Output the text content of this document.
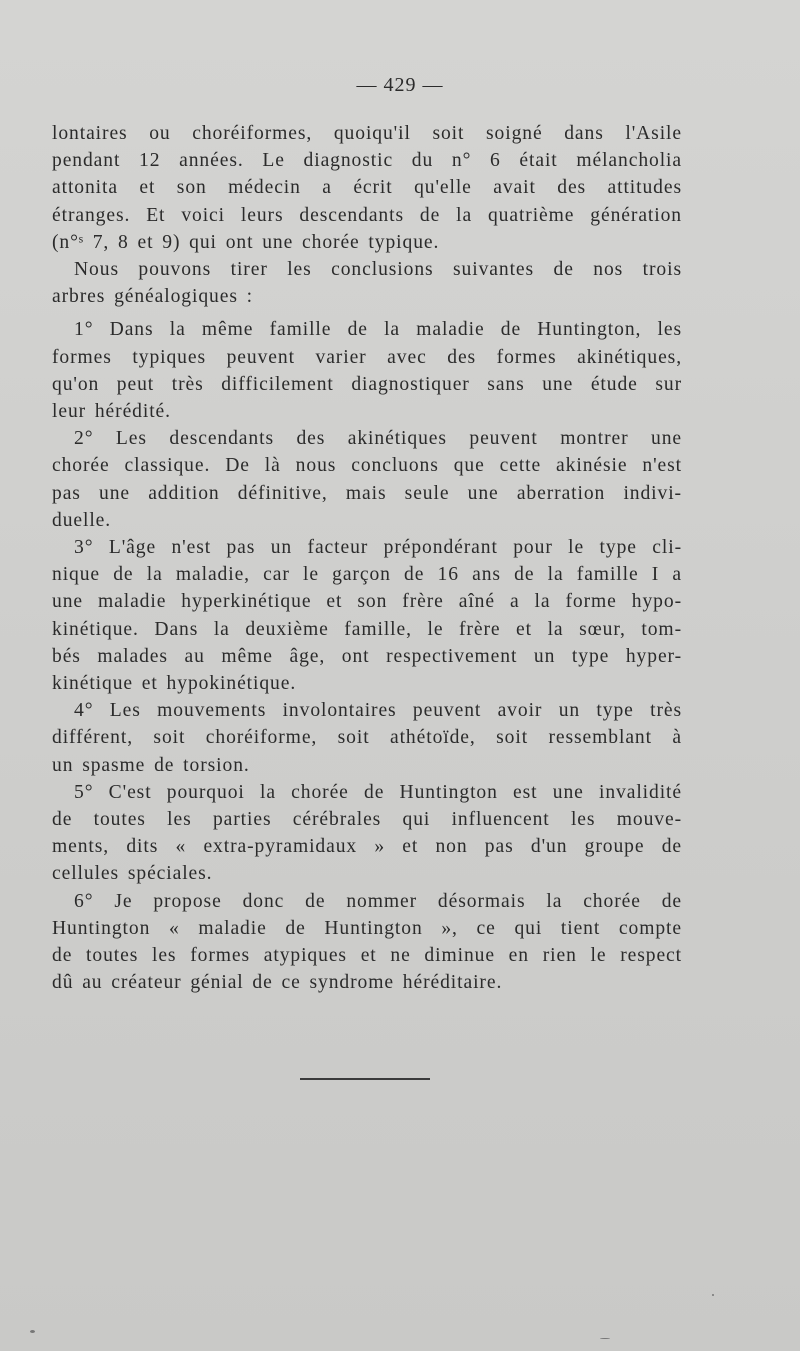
— 429 —
lontaires ou choréiformes, quoiqu'il soit soigné dans l'Asile
pendant 12 années. Le diagnostic du n° 6 était mélancholia
attonita et son médecin a écrit qu'elle avait des attitudes
étranges. Et voici leurs descendants de la quatrième génération
(n°ˢ 7, 8 et 9) qui ont une chorée typique.
Nous pouvons tirer les conclusions suivantes de nos trois
arbres généalogiques :
1° Dans la même famille de la maladie de Huntington, les
formes typiques peuvent varier avec des formes akinétiques,
qu'on peut très difficilement diagnostiquer sans une étude sur
leur hérédité.
2° Les descendants des akinétiques peuvent montrer une
chorée classique. De là nous concluons que cette akinésie n'est
pas une addition définitive, mais seule une aberration indivi-
duelle.
3° L'âge n'est pas un facteur prépondérant pour le type cli-
nique de la maladie, car le garçon de 16 ans de la famille I a
une maladie hyperkinétique et son frère aîné a la forme hypo-
kinétique. Dans la deuxième famille, le frère et la sœur, tom-
bés malades au même âge, ont respectivement un type hyper-
kinétique et hypokinétique.
4° Les mouvements involontaires peuvent avoir un type très
différent, soit choréiforme, soit athétoïde, soit ressemblant à
un spasme de torsion.
5° C'est pourquoi la chorée de Huntington est une invalidité
de toutes les parties cérébrales qui influencent les mouve-
ments, dits « extra-pyramidaux » et non pas d'un groupe de
cellules spéciales.
6° Je propose donc de nommer désormais la chorée de
Huntington « maladie de Huntington », ce qui tient compte
de toutes les formes atypiques et ne diminue en rien le respect
dû au créateur génial de ce syndrome héréditaire.
